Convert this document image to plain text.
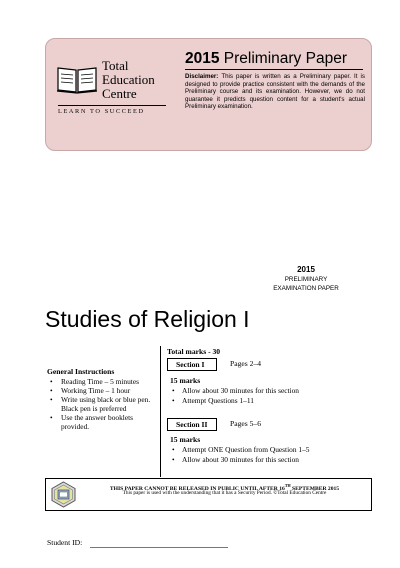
Total
Education
Centre
LEARN TO SUCCEED
2015 Preliminary Paper
Disclaimer: This paper is written as a Preliminary paper. It is designed to provide practice consistent with the demands of the Preliminary course and its examination. However, we do not guarantee it predicts question content for a student's actual Preliminary examination.
2015
PRELIMINARY
EXAMINATION PAPER
Studies of Religion I
General Instructions
• Reading Time – 5 minutes
• Working Time – 1 hour
• Write using black or blue pen. Black pen is preferred
• Use the answer booklets provided.
Total marks - 30
Section I	Pages 2–4
15 marks
• Allow about 30 minutes for this section
• Attempt Questions 1–11
Section II	Pages 5–6
15 marks
• Attempt ONE Question from Question 1–5
• Allow about 30 minutes for this section
THIS PAPER CANNOT BE RELEASED IN PUBLIC UNTIL AFTER 16TH SEPTEMBER 2015
This paper is used with the understanding that it has a Security Period. ©Total Education Centre
Student ID:
